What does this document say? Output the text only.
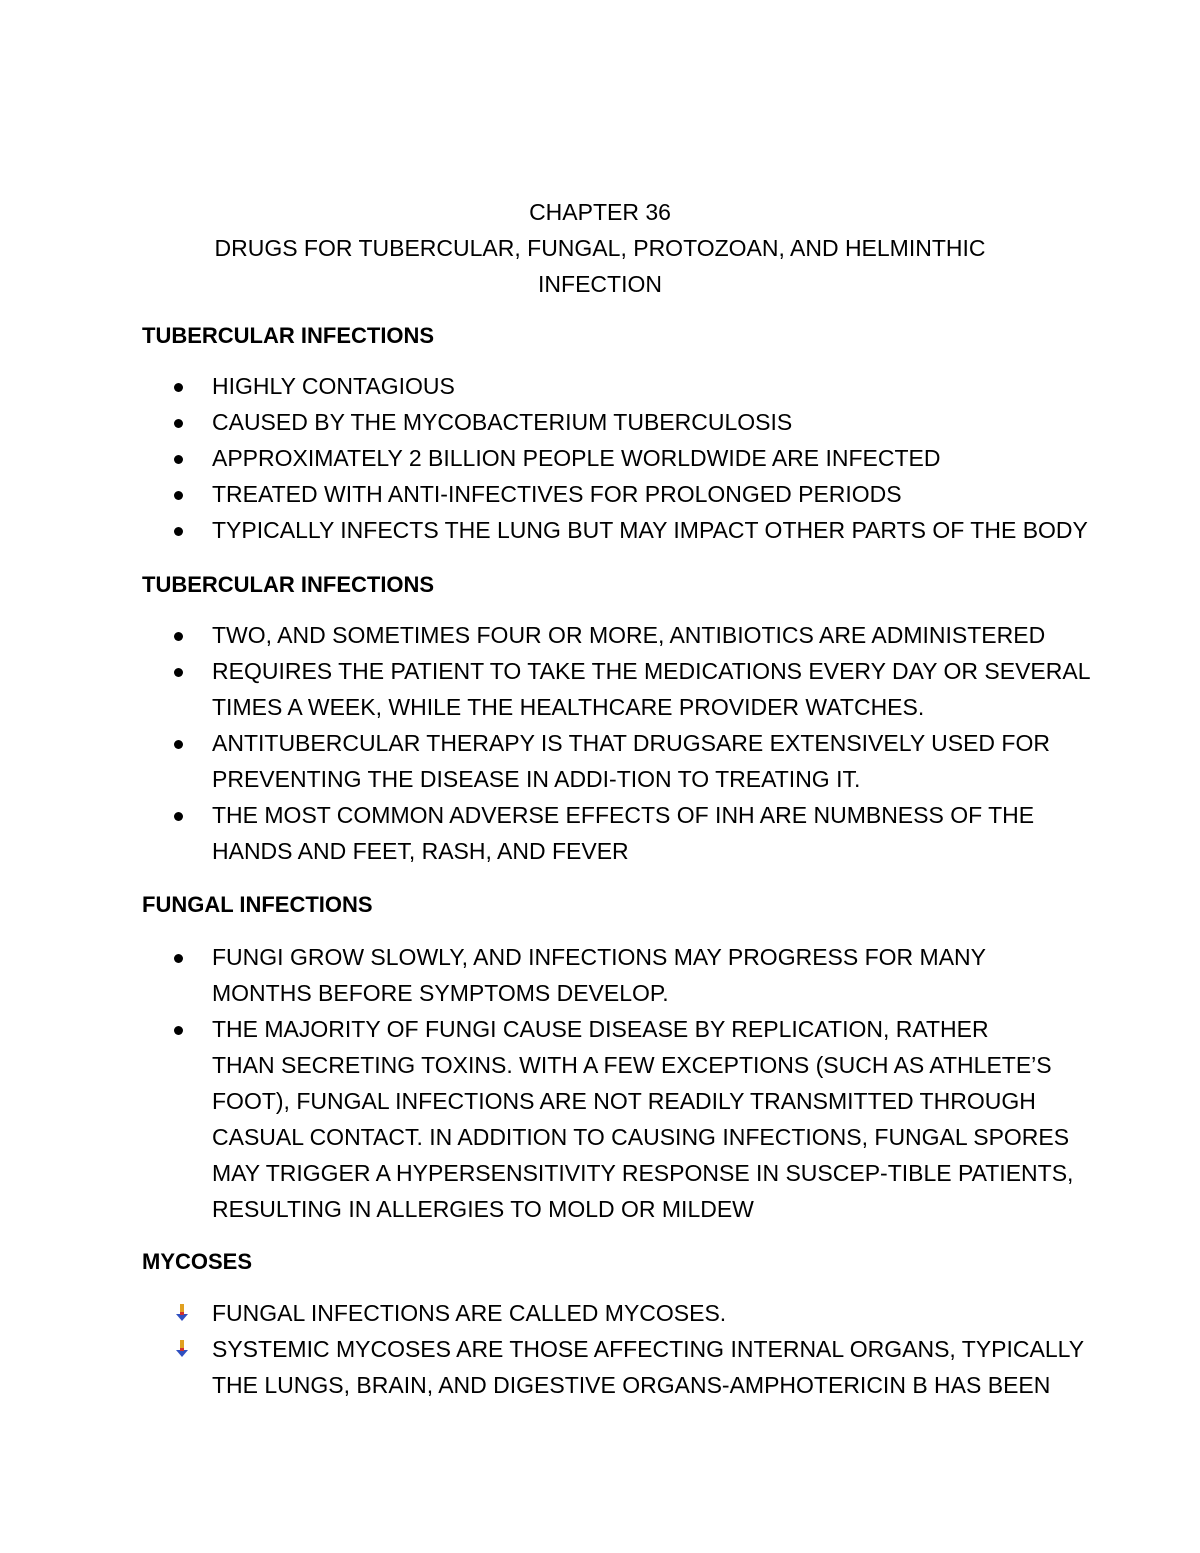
CHAPTER 36
DRUGS FOR TUBERCULAR, FUNGAL, PROTOZOAN, AND HELMINTHIC
INFECTION
TUBERCULAR INFECTIONS
HIGHLY CONTAGIOUS
CAUSED BY THE MYCOBACTERIUM TUBERCULOSIS
APPROXIMATELY 2 BILLION PEOPLE WORLDWIDE ARE INFECTED
TREATED WITH ANTI-INFECTIVES FOR PROLONGED PERIODS
TYPICALLY INFECTS THE LUNG BUT MAY IMPACT OTHER PARTS OF THE BODY
TUBERCULAR INFECTIONS
TWO, AND SOMETIMES FOUR OR MORE, ANTIBIOTICS ARE ADMINISTERED
REQUIRES THE PATIENT TO TAKE THE MEDICATIONS EVERY DAY OR SEVERAL
TIMES A WEEK, WHILE THE HEALTHCARE PROVIDER WATCHES.
ANTITUBERCULAR THERAPY IS THAT DRUGSARE EXTENSIVELY USED FOR
PREVENTING THE DISEASE IN ADDI-TION TO TREATING IT.
THE MOST COMMON ADVERSE EFFECTS OF INH ARE NUMBNESS OF THE
HANDS AND FEET, RASH, AND FEVER
FUNGAL INFECTIONS
FUNGI GROW SLOWLY, AND INFECTIONS MAY PROGRESS FOR MANY
MONTHS BEFORE SYMPTOMS DEVELOP.
THE MAJORITY OF FUNGI CAUSE DISEASE BY REPLICATION, RATHER
THAN SECRETING TOXINS. WITH A FEW EXCEPTIONS (SUCH AS ATHLETE’S
FOOT), FUNGAL INFECTIONS ARE NOT READILY TRANSMITTED THROUGH
CASUAL CONTACT. IN ADDITION TO CAUSING INFECTIONS, FUNGAL SPORES
MAY TRIGGER A HYPERSENSITIVITY RESPONSE IN SUSCEP-TIBLE PATIENTS,
RESULTING IN ALLERGIES TO MOLD OR MILDEW
MYCOSES
FUNGAL INFECTIONS ARE CALLED MYCOSES.
SYSTEMIC MYCOSES ARE THOSE AFFECTING INTERNAL ORGANS, TYPICALLY
THE LUNGS, BRAIN, AND DIGESTIVE ORGANS-AMPHOTERICIN B HAS BEEN
